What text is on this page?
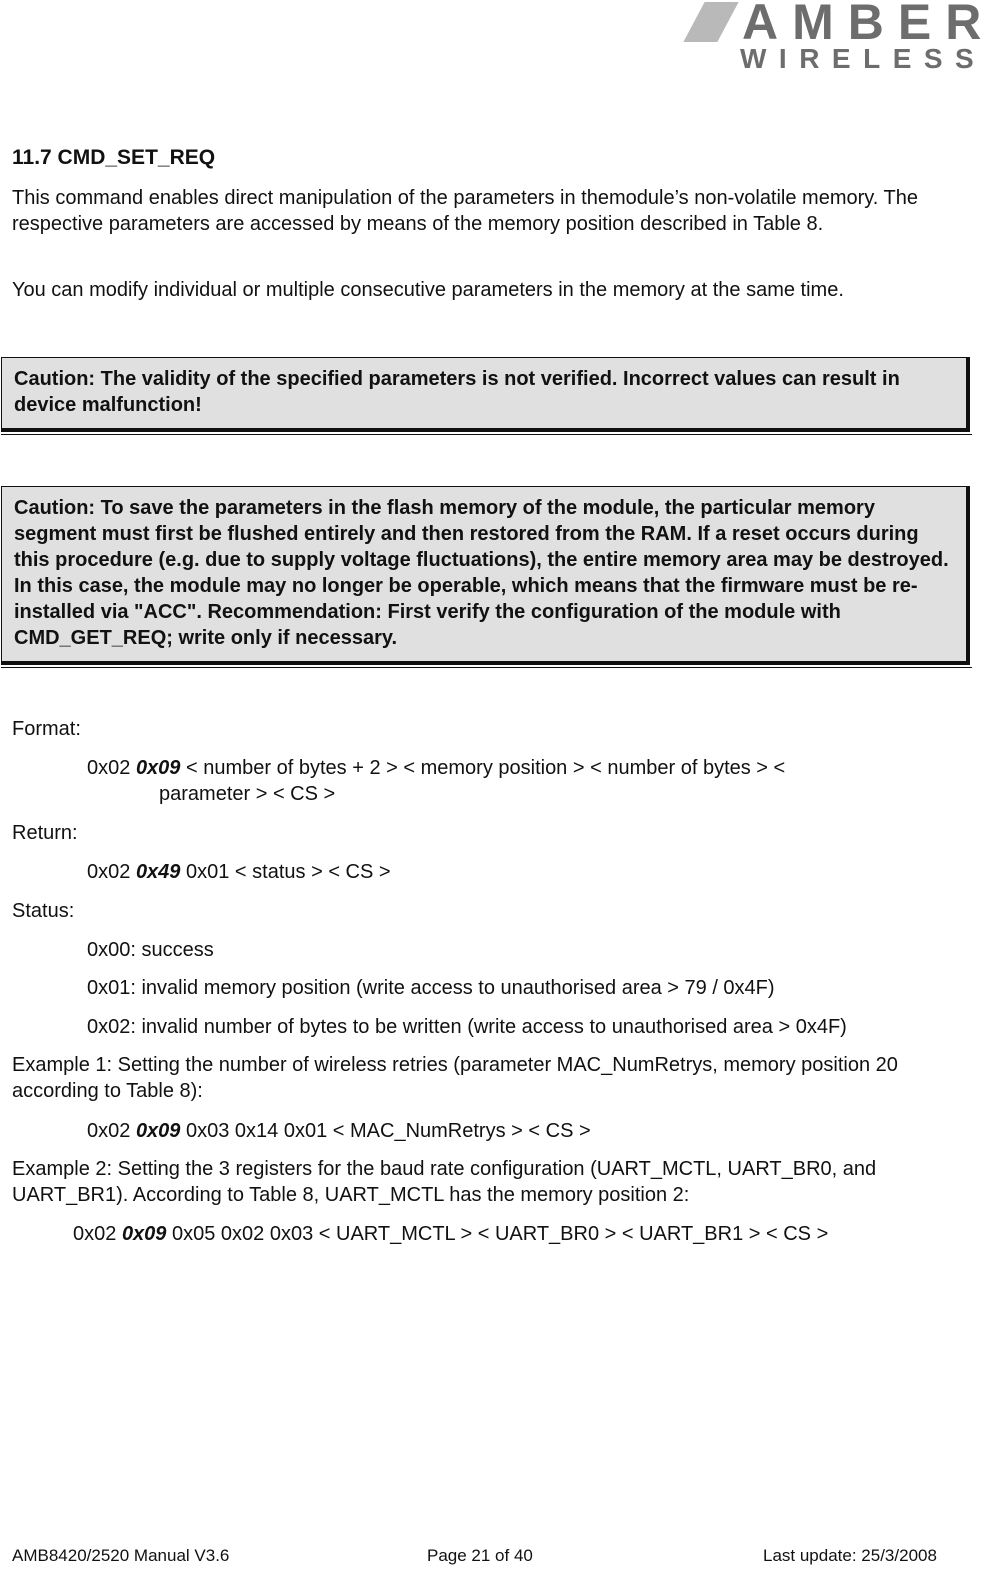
AMBER
WIRELESS
11.7 CMD_SET_REQ

This command enables direct manipulation of the parameters in themodule’s non-volatile memory. The respective parameters are accessed by means of the memory position described in Table 8.

You can modify individual or multiple consecutive parameters in the memory at the same time.

Caution: The validity of the specified parameters is not verified. Incorrect values can result in device malfunction!
Caution: To save the parameters in the flash memory of the module, the particular memory segment must first be flushed entirely and then restored from the RAM. If a reset occurs during this procedure (e.g. due to supply voltage fluctuations), the entire memory area may be destroyed. In this case, the module may no longer be operable, which means that the firmware must be re-installed via "ACC". Recommendation: First verify the configuration of the module with CMD_GET_REQ; write only if necessary.

Format:

0x02 0x09 < number of bytes + 2 > < memory position > < number of bytes > <

parameter > < CS >

Return:

0x02 0x49 0x01 < status > < CS >

Status:

0x00: success

0x01: invalid memory position (write access to unauthorised area > 79 / 0x4F)

0x02: invalid number of bytes to be written (write access to unauthorised area > 0x4F)

Example 1: Setting the number of wireless retries (parameter MAC_NumRetrys, memory position 20 according to Table 8):

0x02 0x09 0x03 0x14 0x01 < MAC_NumRetrys > < CS >

Example 2: Setting the 3 registers for the baud rate configuration (UART_MCTL, UART_BR0, and UART_BR1). According to Table 8, UART_MCTL has the memory position 2:

0x02 0x09 0x05 0x02 0x03 < UART_MCTL > < UART_BR0 > < UART_BR1 > < CS >

AMB8420/2520 Manual V3.6	Page 21 of 40	Last update: 25/3/2008
